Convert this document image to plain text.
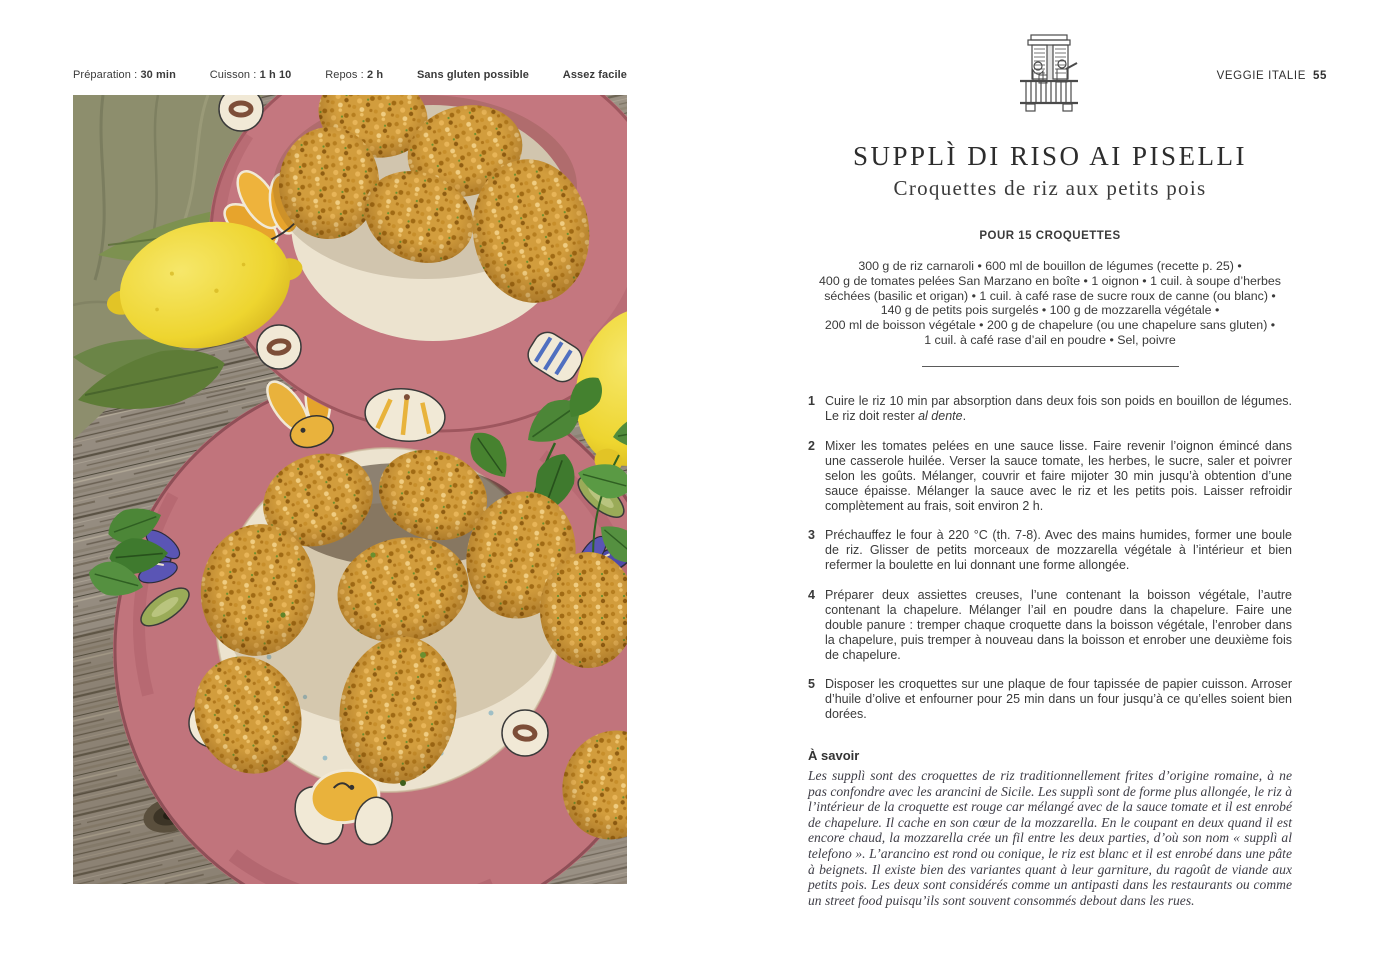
Préparation : 30 min	Cuisson : 1 h 10	Repos : 2 h	Sans gluten possible	Assez facile	VEGGIE ITALIE 55
SUPPLÌ DI RISO AI PISELLI
Croquettes de riz aux petits pois
POUR 15 CROQUETTES
300 g de riz carnaroli • 600 ml de bouillon de légumes (recette p. 25) •
400 g de tomates pelées San Marzano en boîte • 1 oignon • 1 cuil. à soupe d’herbes
séchées (basilic et origan) • 1 cuil. à café rase de sucre roux de canne (ou blanc) •
140 g de petits pois surgelés • 100 g de mozzarella végétale •
200 ml de boisson végétale • 200 g de chapelure (ou une chapelure sans gluten) •
1 cuil. à café rase d’ail en poudre • Sel, poivre
1 Cuire le riz 10 min par absorption dans deux fois son poids en bouillon de légumes. Le riz doit rester al dente.
2 Mixer les tomates pelées en une sauce lisse. Faire revenir l’oignon émincé dans une casserole huilée. Verser la sauce tomate, les herbes, le sucre, saler et poivrer selon les goûts. Mélanger, couvrir et faire mijoter 30 min jusqu’à obtention d’une sauce épaisse. Mélanger la sauce avec le riz et les petits pois. Laisser refroidir complètement au frais, soit environ 2 h.
3 Préchauffez le four à 220 °C (th. 7-8). Avec des mains humides, former une boule de riz. Glisser de petits morceaux de mozzarella végétale à l’intérieur et bien refermer la boulette en lui donnant une forme allongée.
4 Préparer deux assiettes creuses, l’une contenant la boisson végétale, l’autre contenant la chapelure. Mélanger l’ail en poudre dans la chapelure. Faire une double panure : tremper chaque croquette dans la boisson végétale, l’enrober dans la chapelure, puis tremper à nouveau dans la boisson et enrober une deuxième fois de chapelure.
5 Disposer les croquettes sur une plaque de four tapissée de papier cuisson. Arroser d’huile d’olive et enfourner pour 25 min dans un four jusqu’à ce qu’elles soient bien dorées.
À savoir

Les supplì sont des croquettes de riz traditionnellement frites d’origine romaine, à ne pas confondre avec les arancini de Sicile. Les supplì sont de forme plus allongée, le riz à l’intérieur de la croquette est rouge car mélangé avec de la sauce tomate et il est enrobé de chapelure. Il cache en son cœur de la mozzarella. En le coupant en deux quand il est encore chaud, la mozzarella crée un fil entre les deux parties, d’où son nom « supplì al telefono ». L’arancino est rond ou conique, le riz est blanc et il est enrobé dans une pâte à beignets. Il existe bien des variantes quant à leur garniture, du ragoût de viande aux petits pois. Les deux sont considérés comme un antipasti dans les restaurants ou comme un street food puisqu’ils sont souvent consommés debout dans les rues.
